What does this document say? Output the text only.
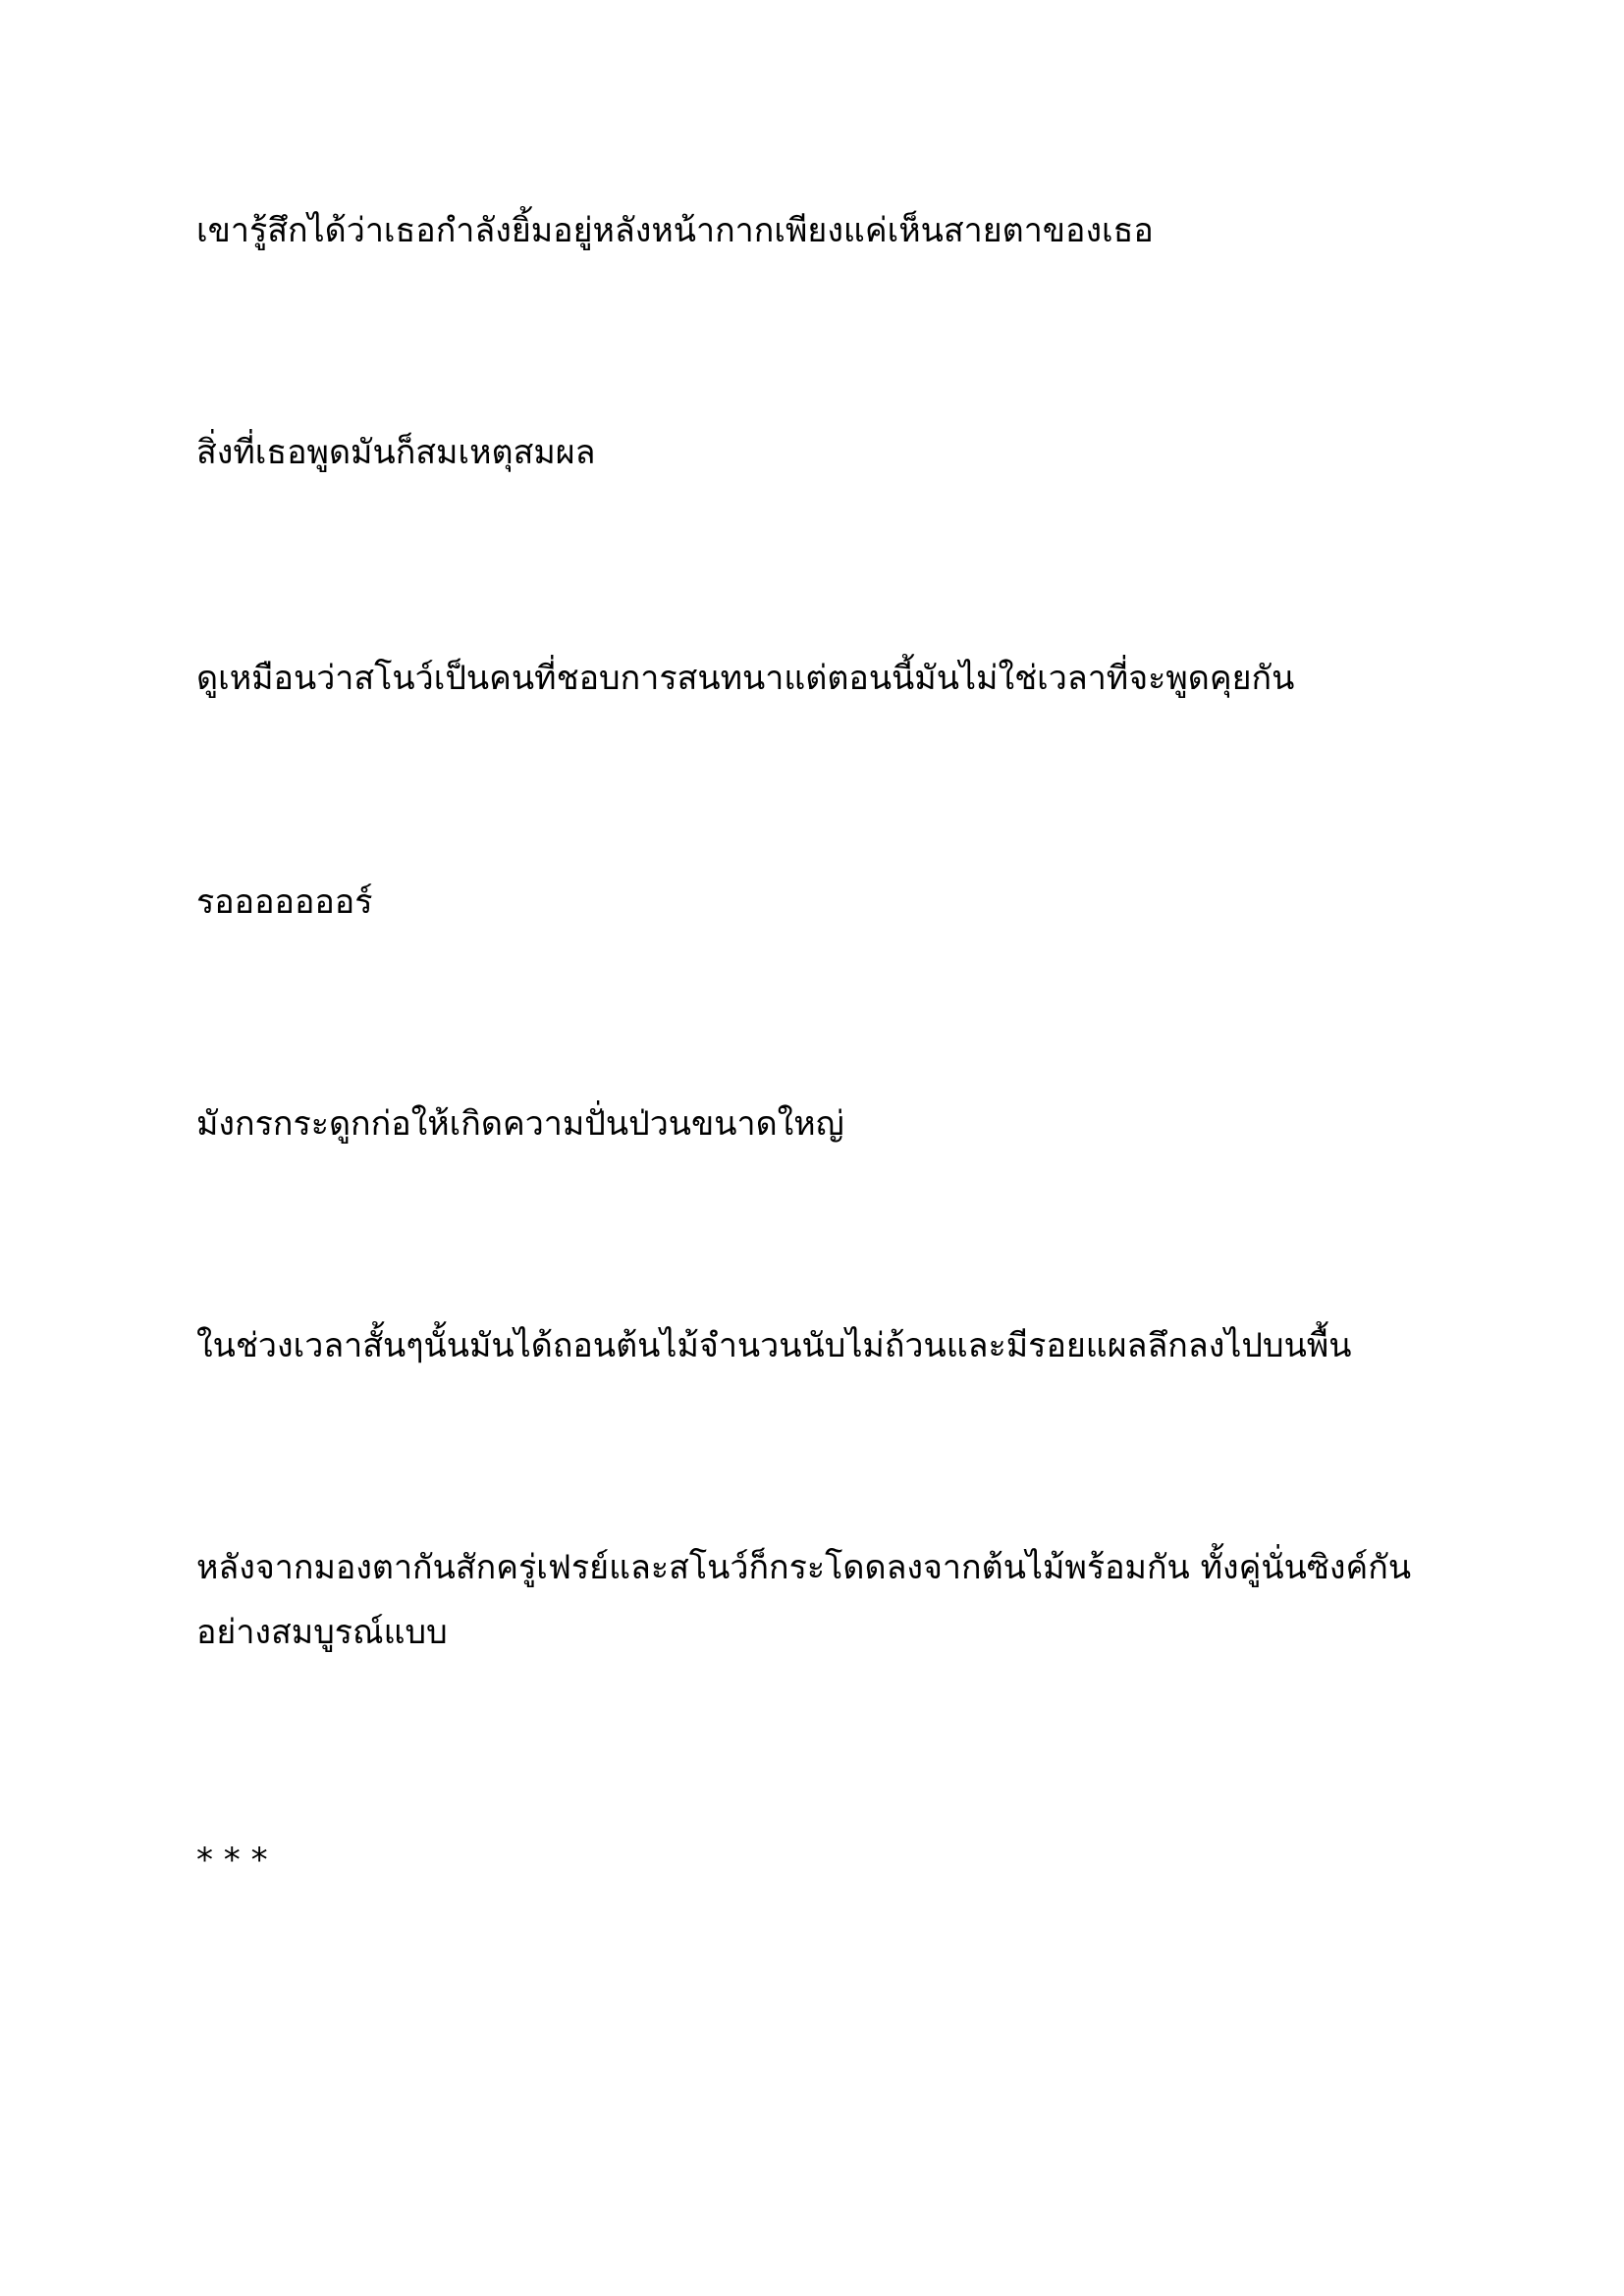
เขารู้สึกได้ว่าเธอกำลังยิ้มอยู่หลังหน้ากากเพียงแค่เห็นสายตาของเธอ

สิ่งที่เธอพูดมันก็สมเหตุสมผล

ดูเหมือนว่าสโนว์เป็นคนที่ชอบการสนทนาแต่ตอนนี้มันไม่ใช่เวลาที่จะพูดคุยกัน

รอออออออร์

มังกรกระดูกก่อให้เกิดความปั่นป่วนขนาดใหญ่

ในช่วงเวลาสั้นๆนั้นมันได้ถอนต้นไม้จำนวนนับไม่ถ้วนและมีรอยแผลลึกลงไปบนพื้น

หลังจากมองตากันสักครู่เฟรย์และสโนว์ก็กระโดดลงจากต้นไม้พร้อมกัน ทั้งคู่นั่นซิงค์กันอย่างสมบูรณ์แบบ

* * *
